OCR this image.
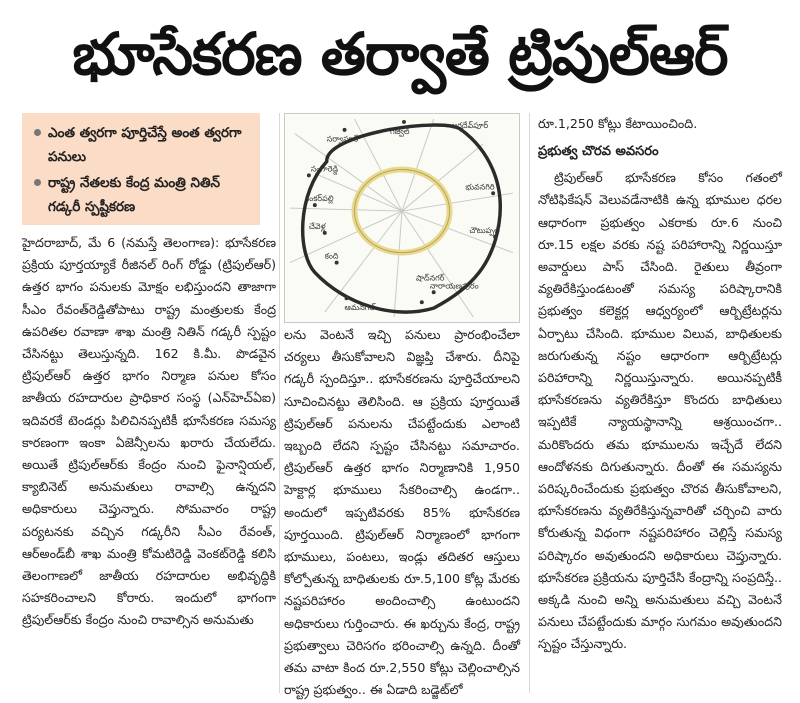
భూసేకరణ తర్వాతే ట్రిపుల్‌ఆర్
ఎంత త్వరగా పూర్తిచేస్తే అంత త్వరగా పనులు
రాష్ట్ర నేతలకు కేంద్ర మంత్రి నితిన్ గడ్కరీ స్పష్టీకరణ
సర్వాపూర్
గజ్వేల్
జగదేవ్‌పూర్
సంగారెడ్డి
శంకర్‌పల్లి
భువనగిరి
చేవెళ్ల	చౌటుప్పల్
కంది
నారాయణపురం
షాద్‌నగర్
ఆమనగల్

హైదరాబాద్, మే 6 (నమస్తే తెలంగాణ): భూసేకరణ ప్రక్రియ పూర్తయ్యాకే రీజినల్ రింగ్ రోడ్డు (ట్రిపుల్‌ఆర్) ఉత్తర భాగం పనులకు మోక్షం లభిస్తుందని తాజాగా సీఎం రేవంత్‌రెడ్డితోపాటు రాష్ట్ర మంత్రులకు కేంద్ర ఉపరితల రవాణా శాఖ మంత్రి నితిన్ గడ్కరీ స్పష్టం చేసినట్టు తెలుస్తున్నది. 162 కి.మీ. పొడవైన ట్రిపుల్‌ఆర్ ఉత్తర భాగం నిర్మాణ పనుల కోసం జాతీయ రహదారుల ప్రాధికార సంస్థ (ఎన్‌హెచ్‌ఏఐ) ఇదివరకే టెండర్లు పిలిచినప్పటికీ భూసేకరణ సమస్య కారణంగా ఇంకా ఏజెన్సీలను ఖరారు చేయలేదు. అయితే ట్రిపుల్‌ఆర్‌కు కేంద్రం నుంచి ఫైనాన్షియల్, క్యాబినెట్ అనుమతులు రావాల్సి ఉన్నదని అధికారులు చెప్తున్నారు. సోమవారం రాష్ట్ర పర్యటనకు వచ్చిన గడ్కరీని సీఎం రేవంత్, ఆర్‌అండ్‌బీ శాఖ మంత్రి కోమటిరెడ్డి వెంకట్‌రెడ్డి కలిసి తెలంగాణలో జాతీయ రహదారుల అభివృద్ధికి సహకరించాలని కోరారు. ఇందులో భాగంగా ట్రిపుల్‌ఆర్‌కు కేంద్రం నుంచి రావాల్సిన అనుమతు

లను వెంటనే ఇచ్చి పనులు ప్రారంభించేలా చర్యలు తీసుకోవాలని విజ్ఞప్తి చేశారు. దీనిపై గడ్కరీ స్పందిస్తూ.. భూసేకరణను పూర్తిచేయాలని సూచించినట్టు తెలిసింది. ఆ ప్రక్రియ పూర్తయితే ట్రిపుల్‌ఆర్ పనులను చేపట్టేందుకు ఎలాంటి ఇబ్బంది లేదని స్పష్టం చేసినట్టు సమాచారం. ట్రిపుల్‌ఆర్ ఉత్తర భాగం నిర్మాణానికి 1,950 హెక్టార్ల భూములు సేకరించాల్సి ఉండగా.. అందులో ఇప్పటివరకు 85% భూసేకరణ పూర్తయింది. ట్రిపుల్‌ఆర్ నిర్మాణంలో భాగంగా భూములు, పంటలు, ఇండ్లు తదితర ఆస్తులు కోల్పోతున్న బాధితులకు రూ.5,100 కోట్ల మేరకు నష్టపరిహారం అందించాల్సి ఉంటుందని అధికారులు గుర్తించారు. ఈ ఖర్చును కేంద్ర, రాష్ట్ర ప్రభుత్వాలు చెరిసగం భరించాల్సి ఉన్నది. దీంతో తమ వాటా కింద రూ.2,550 కోట్లు చెల్లించాల్సిన రాష్ట్ర ప్రభుత్వం.. ఈ ఏడాది బడ్జెట్‌లో

రూ.1,250 కోట్లు కేటాయించింది.

ప్రభుత్వ చొరవ అవసరం

ట్రిపుల్‌ఆర్ భూసేకరణ కోసం గతంలో నోటిఫికేషన్ వెలువడేనాటికి ఉన్న భూముల ధరల ఆధారంగా ప్రభుత్వం ఎకరాకు రూ.6 నుంచి రూ.15 లక్షల వరకు నష్ట పరిహారాన్ని నిర్ణయిస్తూ అవార్డులు పాస్ చేసింది. రైతులు తీవ్రంగా వ్యతిరేకిస్తుండటంతో సమస్య పరిష్కారానికి ప్రభుత్వం కలెక్టర్ల ఆధ్వర్యంలో ఆర్బిట్రేటర్లను ఏర్పాటు చేసింది. భూముల విలువ, బాధితులకు జరుగుతున్న నష్టం ఆధారంగా ఆర్బిట్రేటర్లు పరిహారాన్ని నిర్ణయిస్తున్నారు. అయినప్పటికీ భూసేకరణను వ్యతిరేకిస్తూ కొందరు బాధితులు ఇప్పటికే న్యాయస్థానాన్ని ఆశ్రయించగా.. మరికొందరు తమ భూములను ఇచ్చేదే లేదని ఆందోళనకు దిగుతున్నారు. దీంతో ఈ సమస్యను పరిష్కరించేందుకు ప్రభుత్వం చొరవ తీసుకోవాలని, భూసేకరణను వ్యతిరేకిస్తున్నవారితో చర్చించి వారు కోరుతున్న విధంగా నష్టపరిహారం చెల్లిస్తే సమస్య పరిష్కారం అవుతుందని అధికారులు చెప్తున్నారు. భూసేకరణ ప్రక్రియను పూర్తిచేసి కేంద్రాన్ని సంప్రదిస్తే.. అక్కడి నుంచి అన్ని అనుమతులు వచ్చి వెంటనే పనులు చేపట్టేందుకు మార్గం సుగమం అవుతుందని స్పష్టం చేస్తున్నారు.
